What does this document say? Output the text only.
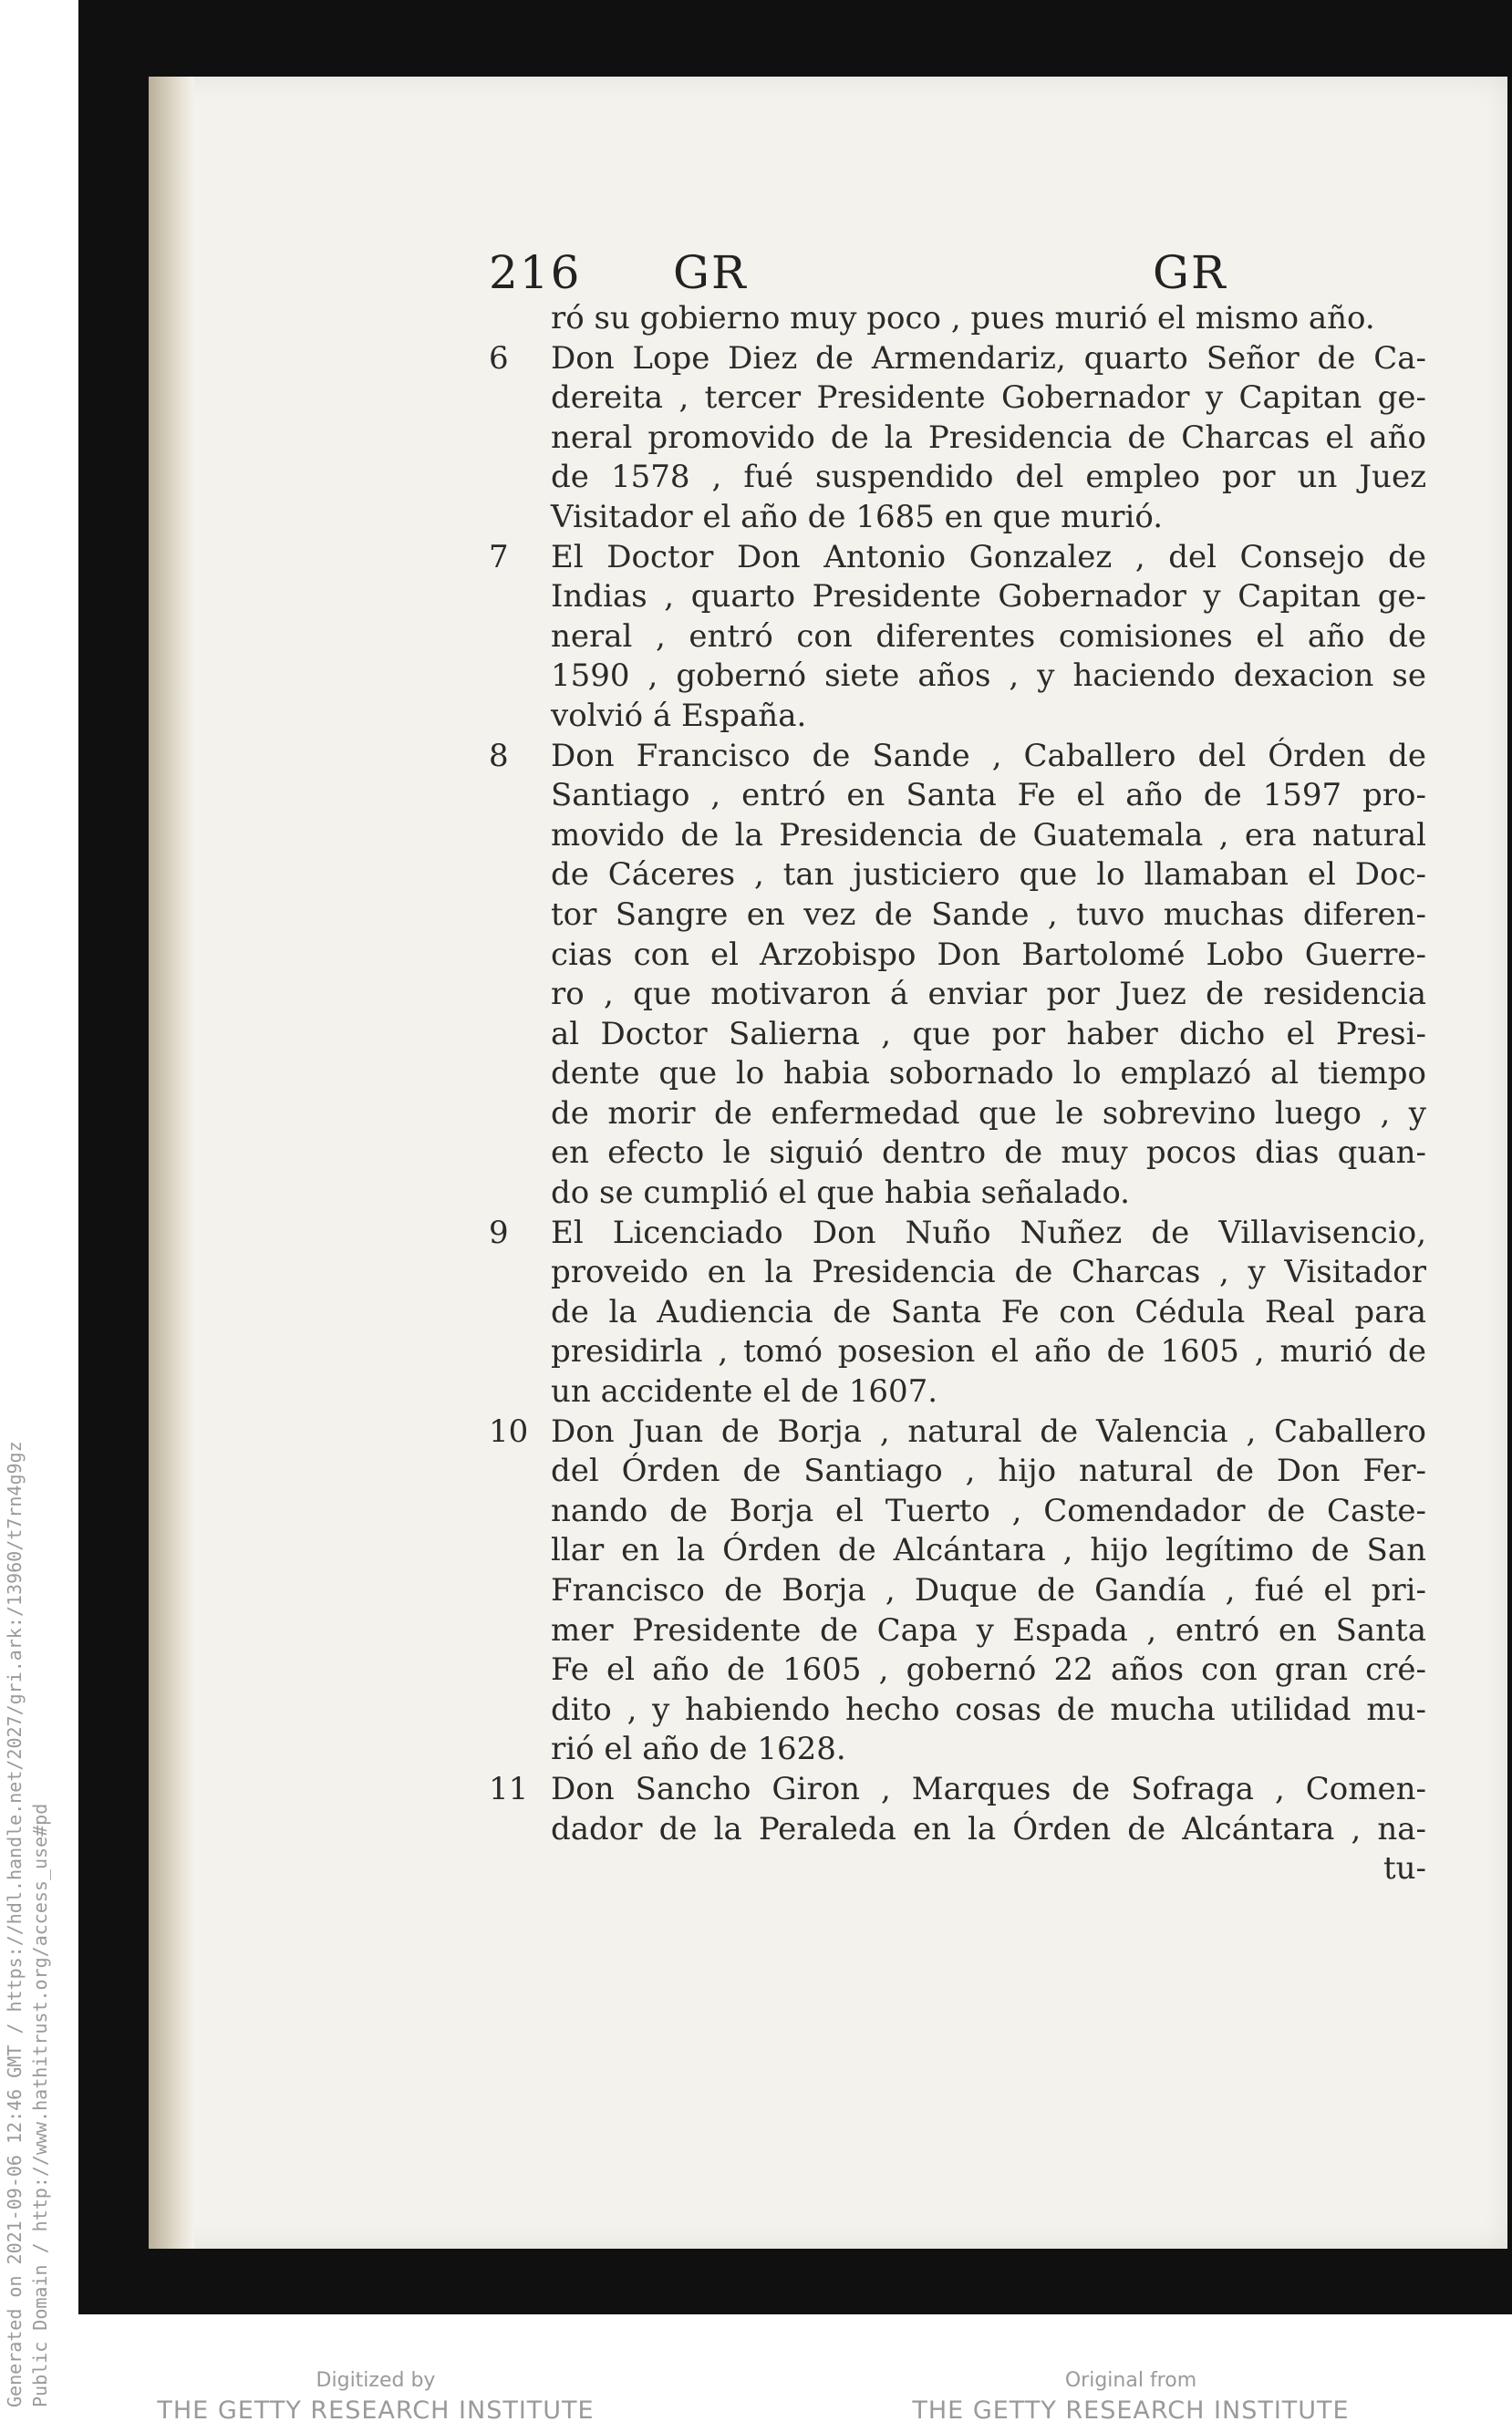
Generated on 2021-09-06 12:46 GMT / https://hdl.handle.net/2027/gri.ark:/13960/t7rn4g9gz Public Domain / http://www.hathitrust.org/access_use#pd
216 GR	GR
ró su gobierno muy poco , pues murió el mismo año.
6	Don Lope Diez de Armendariz, quarto Señor de Ca-
dereita , tercer Presidente Gobernador y Capitan ge-
neral promovido de la Presidencia de Charcas el año
de 1578 , fué suspendido del empleo por un Juez
Visitador el año de 1685 en que murió.
7	El Doctor Don Antonio Gonzalez , del Consejo de
Indias , quarto Presidente Gobernador y Capitan ge-
neral , entró con diferentes comisiones el año de
1590 , gobernó siete años , y haciendo dexacion se
volvió á España.
8	Don Francisco de Sande , Caballero del Órden de
Santiago , entró en Santa Fe el año de 1597 pro-
movido de la Presidencia de Guatemala , era natural
de Cáceres , tan justiciero que lo llamaban el Doc-
tor Sangre en vez de Sande , tuvo muchas diferen-
cias con el Arzobispo Don Bartolomé Lobo Guerre-
ro , que motivaron á enviar por Juez de residencia
al Doctor Salierna , que por haber dicho el Presi-
dente que lo habia sobornado lo emplazó al tiempo
de morir de enfermedad que le sobrevino luego , y
en efecto le siguió dentro de muy pocos dias quan-
do se cumplió el que habia señalado.
9	El Licenciado Don Nuño Nuñez de Villavisencio,
proveido en la Presidencia de Charcas , y Visitador
de la Audiencia de Santa Fe con Cédula Real para
presidirla , tomó posesion el año de 1605 , murió de
un accidente el de 1607.
10 Don Juan de Borja , natural de Valencia , Caballero
del Órden de Santiago , hijo natural de Don Fer-
nando de Borja el Tuerto , Comendador de Caste-
llar en la Órden de Alcántara , hijo legítimo de San
Francisco de Borja , Duque de Gandía , fué el pri-
mer Presidente de Capa y Espada , entró en Santa
Fe el año de 1605 , gobernó 22 años con gran cré-
dito , y habiendo hecho cosas de mucha utilidad mu-
rió el año de 1628.
11 Don Sancho Giron , Marques de Sofraga , Comen-
dador de la Peraleda en la Órden de Alcántara , na-
tu-
Digitized by
THE GETTY RESEARCH INSTITUTE
Original from
THE GETTY RESEARCH INSTITUTE
